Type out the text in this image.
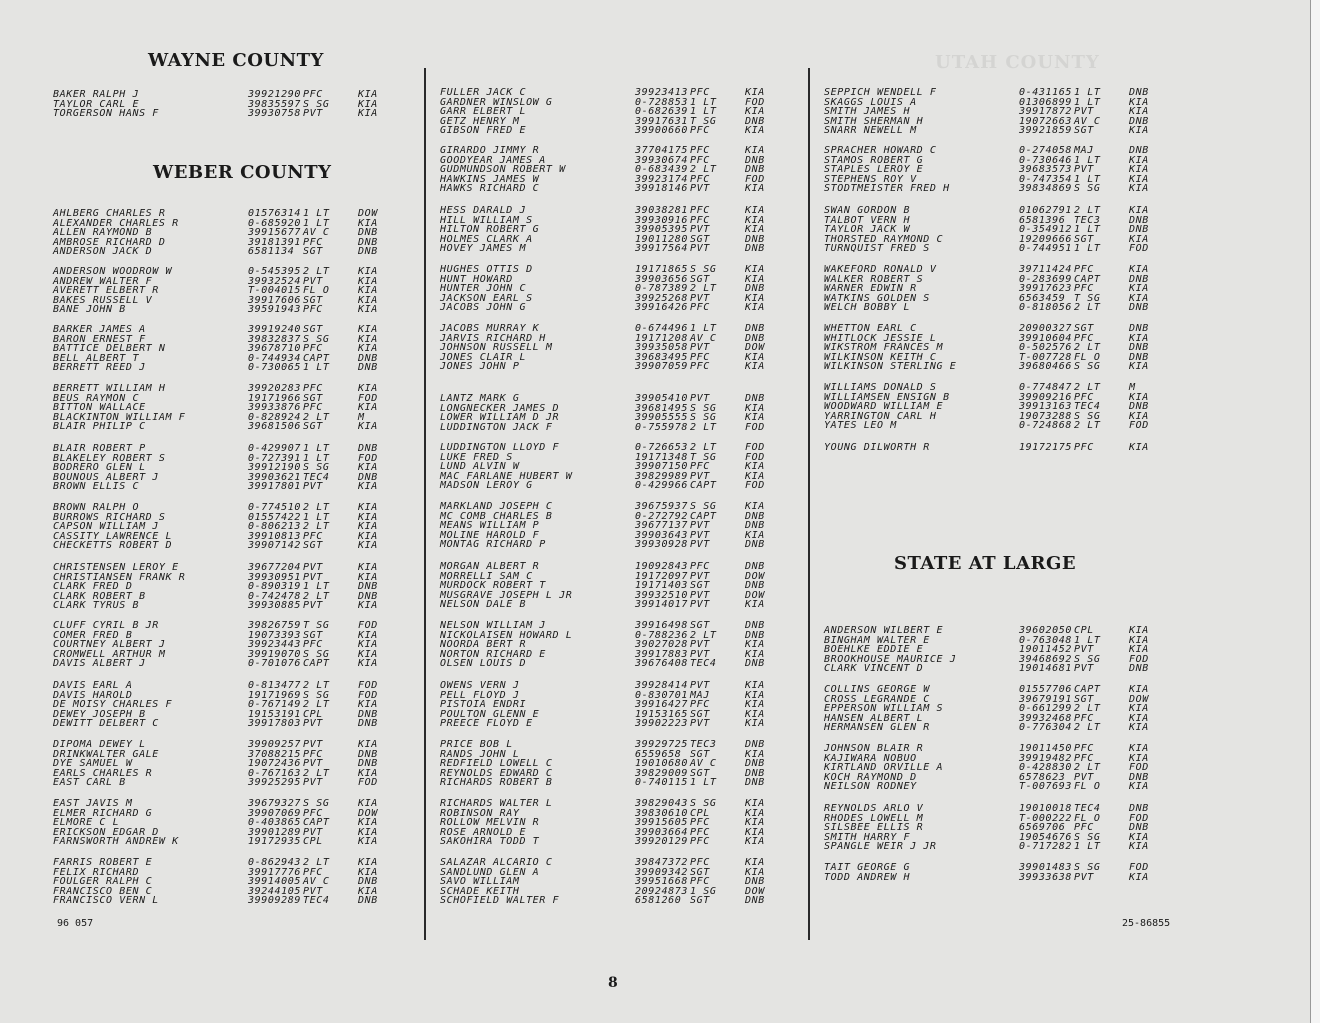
UTAH COUNTY
WAYNE COUNTY
BAKER RALPH J	39921290 PFC	KIA
TAYLOR CARL E	39835597 S SG	KIA
TORGERSON HANS F	39930758 PVT	KIA
WEBER COUNTY
AHLBERG CHARLES R	01576314 1 LT	DOW
ALEXANDER CHARLES R	0-685920 1 LT	KIA
ALLEN RAYMOND B	39915677 AV C	DNB
AMBROSE RICHARD D	39181391 PFC	DNB
ANDERSON JACK D	6581134 SGT	DNB
ANDERSON WOODROW W	0-545395 2 LT	KIA
ANDREW WALTER F	39932524 PVT	KIA
AVERETT ELBERT R	T-004015 FL O	KIA
BAKES RUSSELL V	39917606 SGT	KIA
BANE JOHN B	39591943 PFC	KIA
BARKER JAMES A	39919240 SGT	KIA
BARON ERNEST F	39832837 S SG	KIA
BATTICE DELBERT N	39678710 PFC	KIA
BELL ALBERT T	0-744934 CAPT	DNB
BERRETT REED J	0-730065 1 LT	DNB
BERRETT WILLIAM H	39920283 PFC	KIA
BEUS RAYMON C	19171966 SGT	FOD
BITTON WALLACE	39933876 PFC	KIA
BLACKINTON WILLIAM F	0-828924 2 LT	M
BLAIR PHILIP C	39681506 SGT	KIA
BLAIR ROBERT P	0-429907 1 LT	DNB
BLAKELEY ROBERT S	0-727391 1 LT	FOD
BODRERO GLEN L	39912190 S SG	KIA
BOUNOUS ALBERT J	39903621 TEC4	DNB
BROWN ELLIS C	39917801 PVT	KIA
BROWN RALPH O	0-774510 2 LT	KIA
BURROWS RICHARD S	01557422 1 LT	KIA
CAPSON WILLIAM J	0-806213 2 LT	KIA
CASSITY LAWRENCE L	39910813 PFC	KIA
CHECKETTS ROBERT D	39907142 SGT	KIA
CHRISTENSEN LEROY E	39677204 PVT	KIA
CHRISTIANSEN FRANK R	39930951 PVT	KIA
CLARK FRED D	0-890319 1 LT	DNB
CLARK ROBERT B	0-742478 2 LT	DNB
CLARK TYRUS B	39930885 PVT	KIA
CLUFF CYRIL B JR	39826759 T SG	FOD
COMER FRED B	19073393 SGT	KIA
COURTNEY ALBERT J	39923443 PFC	KIA
CROMWELL ARTHUR M	39919070 S SG	KIA
DAVIS ALBERT J	0-701076 CAPT	KIA
DAVIS EARL A	0-813477 2 LT	FOD
DAVIS HAROLD	19171969 S SG	FOD
DE MOISY CHARLES F	0-767149 2 LT	KIA
DEWEY JOSEPH B	19153191 CPL	DNB
DEWITT DELBERT C	39917803 PVT	DNB
DIPOMA DEWEY L	39909257 PVT	KIA
DRINKWALTER GALE	37088215 PFC	DNB
DYE SAMUEL W	19072436 PVT	DNB
EARLS CHARLES R	0-767163 2 LT	KIA
EAST CARL B	39925295 PVT	FOD
EAST JAVIS M	39679327 S SG	KIA
ELMER RICHARD G	39907069 PFC	DOW
ELMORE C L	0-403865 CAPT	KIA
ERICKSON EDGAR D	39901289 PVT	KIA
FARNSWORTH ANDREW K	19172935 CPL	KIA
FARRIS ROBERT E	0-862943 2 LT	KIA
FELIX RICHARD	39917776 PFC	KIA
FOULGER RALPH C	39914005 AV C	DNB
FRANCISCO BEN C	39244105 PVT	KIA
FRANCISCO VERN L	39909289 TEC4	DNB
FULLER JACK C	39923413 PFC	KIA
GARDNER WINSLOW G	0-728853 1 LT	FOD
GARR ELBERT L	0-682639 1 LT	KIA
GETZ HENRY M	39917631 T SG	DNB
GIBSON FRED E	39900660 PFC	KIA
GIRARDO JIMMY R	37704175 PFC	KIA
GOODYEAR JAMES A	39930674 PFC	DNB
GUDMUNDSON ROBERT W	0-683439 2 LT	DNB
HAWKINS JAMES W	39923174 PFC	FOD
HAWKS RICHARD C	39918146 PVT	KIA
HESS DARALD J	39038281 PFC	KIA
HILL WILLIAM S	39930916 PFC	KIA
HILTON ROBERT G	39905395 PVT	KIA
HOLMES CLARK A	19011280 SGT	DNB
HOVEY JAMES M	39917564 PVT	DNB
HUGHES OTTIS D	19171865 S SG	KIA
HUNT HOWARD	39903656 SGT	KIA
HUNTER JOHN C	0-787389 2 LT	DNB
JACKSON EARL S	39925268 PVT	KIA
JACOBS JOHN G	39916426 PFC	KIA
JACOBS MURRAY K	0-674496 1 LT	DNB
JARVIS RICHARD H	19171208 AV C	DNB
JOHNSON RUSSELL M	39935058 PVT	DOW
JONES CLAIR L	39683495 PFC	KIA
JONES JOHN P	39907059 PFC	KIA
LANTZ MARK G	39905410 PVT	DNB
LONGNECKER JAMES D	39681495 S SG	KIA
LOWER WILLIAM D JR	39905555 S SG	KIA
LUDDINGTON JACK F	0-755978 2 LT	FOD
LUDDINGTON LLOYD F	0-726653 2 LT	FOD
LUKE FRED S	19171348 T SG	FOD
LUND ALVIN W	39907150 PFC	KIA
MAC FARLANE HUBERT W	39829989 PVT	KIA
MADSON LEROY G	0-429966 CAPT	FOD
MARKLAND JOSEPH C	39675937 S SG	KIA
MC COMB CHARLES B	0-272792 CAPT	DNB
MEANS WILLIAM P	39677137 PVT	DNB
MOLINE HAROLD F	39903643 PVT	KIA
MONTAG RICHARD P	39930928 PVT	DNB
MORGAN ALBERT R	19092843 PFC	DNB
MORRELLI SAM C	19172097 PVT	DOW
MURDOCK ROBERT T	19171403 SGT	DNB
MUSGRAVE JOSEPH L JR	39932510 PVT	DOW
NELSON DALE B	39914017 PVT	KIA
NELSON WILLIAM J	39916498 SGT	DNB
NICKOLAISEN HOWARD L	0-788236 2 LT	DNB
NOORDA BERT R	39027028 PVT	KIA
NORTON RICHARD E	39917883 PVT	KIA
OLSEN LOUIS D	39676408 TEC4	DNB
OWENS VERN J	39928414 PVT	KIA
PELL FLOYD J	0-830701 MAJ	KIA
PISTOIA ENDRI	39916427 PFC	KIA
POULTON GLENN E	19153165 SGT	KIA
PREECE FLOYD E	39902223 PVT	KIA
PRICE BOB L	39929725 TEC3	DNB
RANDS JOHN L	6559658 SGT	KIA
REDFIELD LOWELL C	19010680 AV C	DNB
REYNOLDS EDWARD C	39829009 SGT	DNB
RICHARDS ROBERT B	0-740115 1 LT	DNB
RICHARDS WALTER L	39829043 S SG	KIA
ROBINSON RAY	39830610 CPL	KIA
ROLLOW MELVIN R	39915605 PFC	KIA
ROSE ARNOLD E	39903664 PFC	KIA
SAKOHIRA TODD T	39920129 PFC	KIA
SALAZAR ALCARIO C	39847372 PFC	KIA
SANDLUND GLEN A	39909342 SGT	KIA
SAVO WILLIAM	39951668 PFC	DNB
SCHADE KEITH	20924873 1 SG	DOW
SCHOFIELD WALTER F	6581260 SGT	DNB
SEPPICH WENDELL F	0-431165 1 LT	DNB
SKAGGS LOUIS A	01306899 1 LT	KIA
SMITH JAMES H	39917872 PVT	KIA
SMITH SHERMAN H	19072663 AV C	DNB
SNARR NEWELL M	39921859 SGT	KIA
SPRACHER HOWARD C	0-274058 MAJ	DNB
STAMOS ROBERT G	0-730646 1 LT	KIA
STAPLES LEROY E	39683573 PVT	KIA
STEPHENS ROY V	0-747354 1 LT	KIA
STODTMEISTER FRED H	39834869 S SG	KIA
SWAN GORDON B	01062791 2 LT	KIA
TALBOT VERN H	6581396 TEC3	DNB
TAYLOR JACK W	0-354912 1 LT	DNB
THORSTED RAYMOND C	19209666 SGT	KIA
TURNQUIST FRED S	0-744951 1 LT	FOD
WAKEFORD RONALD V	39711424 PFC	KIA
WALKER ROBERT S	0-283699 CAPT	DNB
WARNER EDWIN R	39917623 PFC	KIA
WATKINS GOLDEN S	6563459 T SG	KIA
WELCH BOBBY L	0-818056 2 LT	DNB
WHETTON EARL C	20900327 SGT	DNB
WHITLOCK JESSIE L	39910604 PFC	KIA
WIKSTROM FRANCES M	0-502576 2 LT	DNB
WILKINSON KEITH C	T-007728 FL O	DNB
WILKINSON STERLING E	39680466 S SG	KIA
WILLIAMS DONALD S	0-774847 2 LT	M
WILLIAMSEN ENSIGN B	39909216 PFC	KIA
WOODWARD WILLIAM E	39913163 TEC4	DNB
YARRINGTON CARL H	19073288 S SG	KIA
YATES LEO M	0-724868 2 LT	FOD
YOUNG DILWORTH R	19172175 PFC	KIA
STATE AT LARGE
ANDERSON WILBERT E	39602050 CPL	KIA
BINGHAM WALTER E	0-763048 1 LT	KIA
BOEHLKE EDDIE E	19011452 PVT	KIA
BROOKHOUSE MAURICE J	39468692 S SG	FOD
CLARK VINCENT D	19014681 PVT	DNB
COLLINS GEORGE W	01557706 CAPT	KIA
CROSS LEGRANDE C	39679191 SGT	DOW
EPPERSON WILLIAM S	0-661299 2 LT	KIA
HANSEN ALBERT L	39932468 PFC	KIA
HERMANSEN GLEN R	0-776304 2 LT	KIA
JOHNSON BLAIR R	19011450 PFC	KIA
KAJIWARA NOBUO	39919482 PFC	KIA
KIRTLAND ORVILLE A	0-428830 2 LT	FOD
KOCH RAYMOND D	6578623 PVT	DNB
NEILSON RODNEY	T-007693 FL O	KIA
REYNOLDS ARLO V	19010018 TEC4	DNB
RHODES LOWELL M	T-000222 FL O	FOD
SILSBEE ELLIS R	6569706 PFC	DNB
SMITH HARRY F	19054676 S SG	KIA
SPANGLE WEIR J JR	0-717282 1 LT	KIA
TAIT GEORGE G	39901483 S SG	FOD
TODD ANDREW H	39933638 PVT	KIA
96 057	25-86855
8
